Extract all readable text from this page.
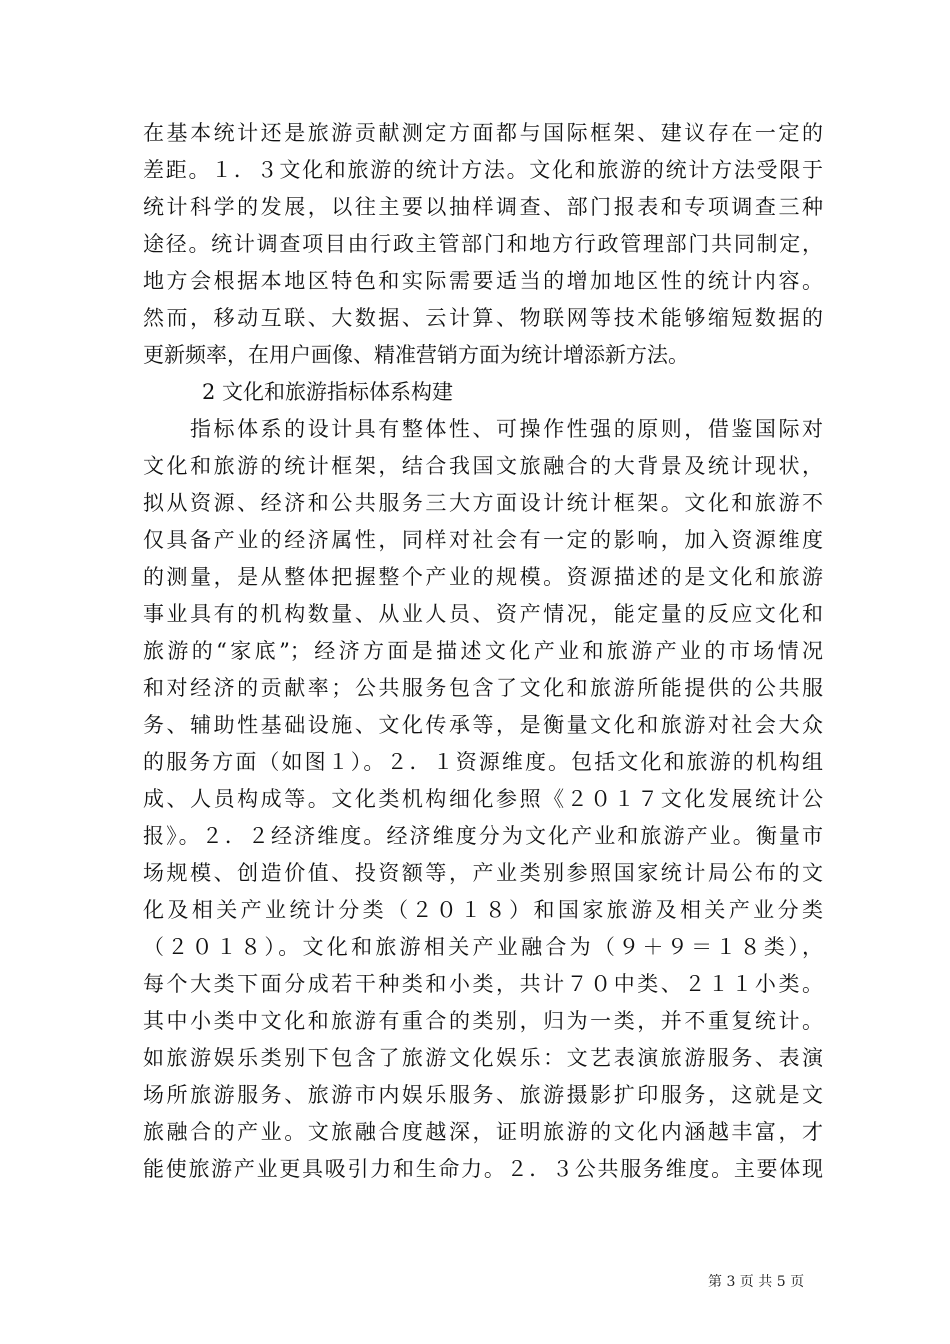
在基本统计还是旅游贡献测定方面都与国际框架、建议存在一定的
差距。１．３文化和旅游的统计方法。文化和旅游的统计方法受限于
统计科学的发展，以往主要以抽样调查、部门报表和专项调查三种
途径。统计调查项目由行政主管部门和地方行政管理部门共同制定，
地方会根据本地区特色和实际需要适当的增加地区性的统计内容。
然而，移动互联、大数据、云计算、物联网等技术能够缩短数据的
更新频率，在用户画像、精准营销方面为统计增添新方法。
2 文化和旅游指标体系构建
指标体系的设计具有整体性、可操作性强的原则，借鉴国际对
文化和旅游的统计框架，结合我国文旅融合的大背景及统计现状，
拟从资源、经济和公共服务三大方面设计统计框架。文化和旅游不
仅具备产业的经济属性，同样对社会有一定的影响，加入资源维度
的测量，是从整体把握整个产业的规模。资源描述的是文化和旅游
事业具有的机构数量、从业人员、资产情况，能定量的反应文化和
旅游的“家底”；经济方面是描述文化产业和旅游产业的市场情况
和对经济的贡献率；公共服务包含了文化和旅游所能提供的公共服
务、辅助性基础设施、文化传承等，是衡量文化和旅游对社会大众
的服务方面（如图１）。２．１资源维度。包括文化和旅游的机构组
成、人员构成等。文化类机构细化参照《２０１７文化发展统计公
报》。２．２经济维度。经济维度分为文化产业和旅游产业。衡量市
场规模、创造价值、投资额等，产业类别参照国家统计局公布的文
化及相关产业统计分类（２０１８）和国家旅游及相关产业分类
（２０１８）。文化和旅游相关产业融合为（９＋９＝１８类），
每个大类下面分成若干种类和小类，共计７０中类、２１１小类。
其中小类中文化和旅游有重合的类别，归为一类，并不重复统计。
如旅游娱乐类别下包含了旅游文化娱乐：文艺表演旅游服务、表演
场所旅游服务、旅游市内娱乐服务、旅游摄影扩印服务，这就是文
旅融合的产业。文旅融合度越深，证明旅游的文化内涵越丰富，才
能使旅游产业更具吸引力和生命力。２．３公共服务维度。主要体现
第 3 页 共 5 页
